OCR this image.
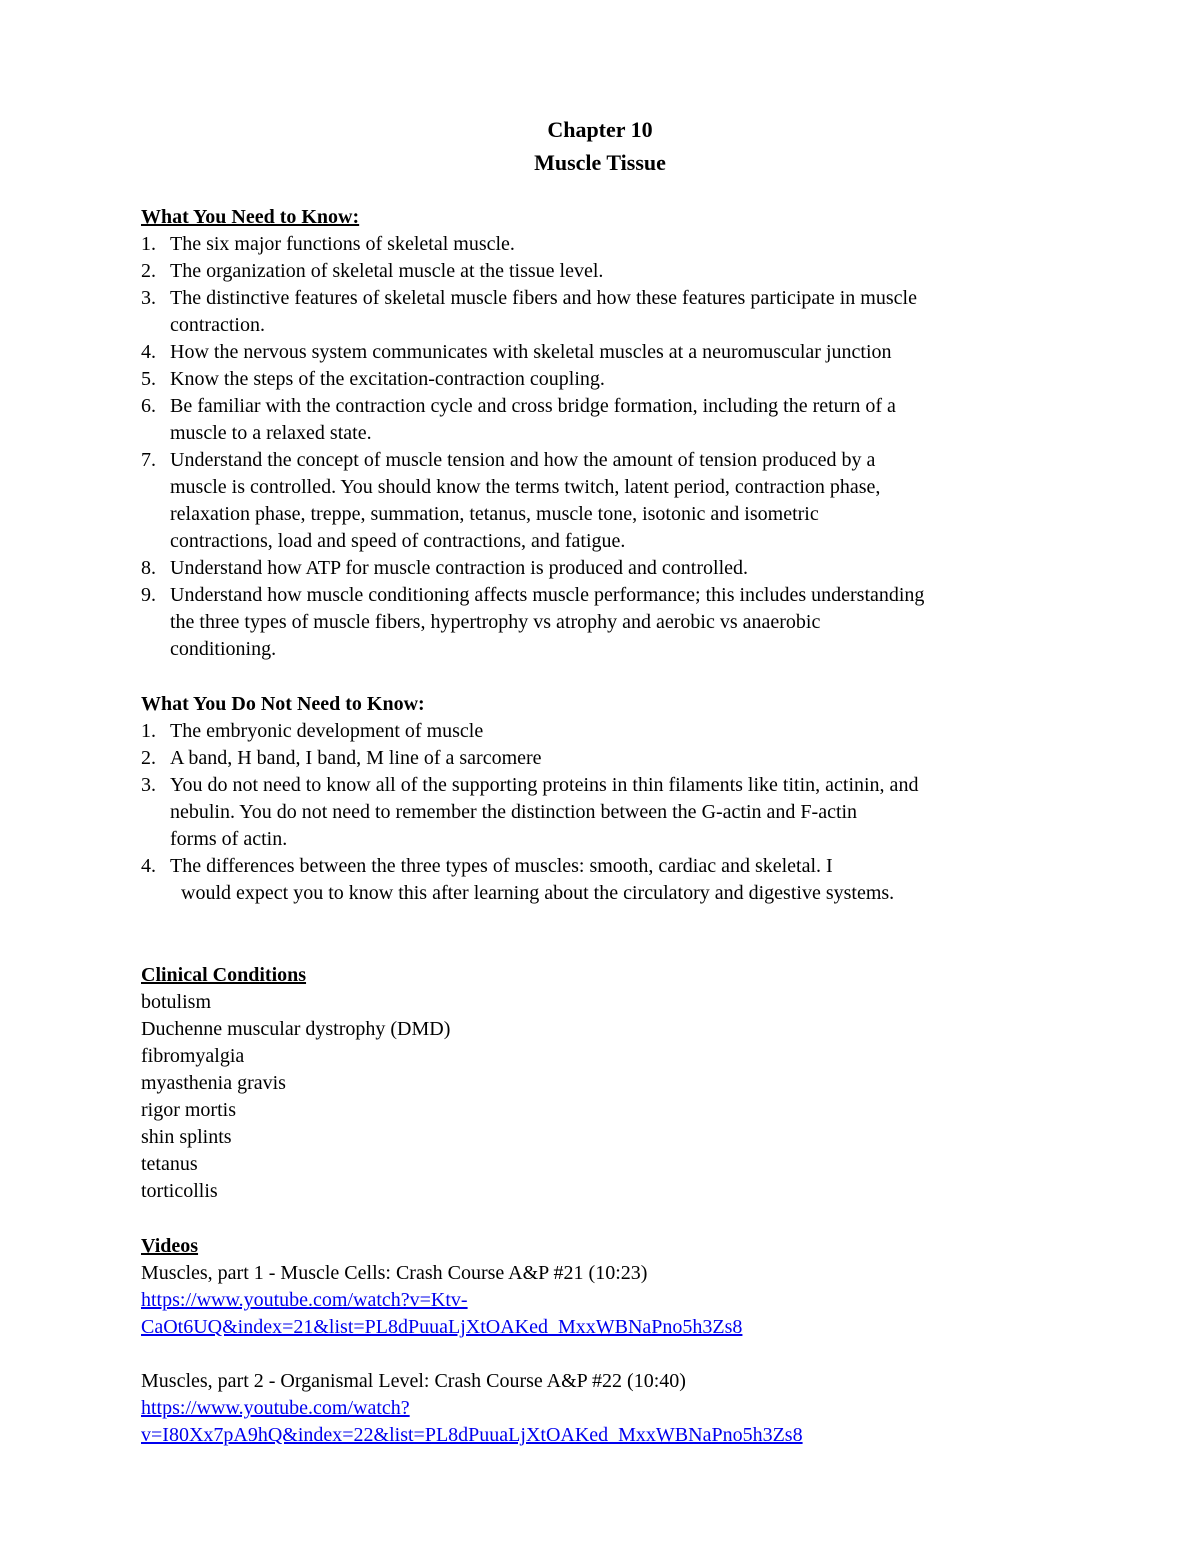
Chapter 10
Muscle Tissue
What You Need to Know:
1. The six major functions of skeletal muscle.
2. The organization of skeletal muscle at the tissue level.
3. The distinctive features of skeletal muscle fibers and how these features participate in muscle
contraction.
4. How the nervous system communicates with skeletal muscles at a neuromuscular junction
5. Know the steps of the excitation-contraction coupling.
6. Be familiar with the contraction cycle and cross bridge formation, including the return of a
muscle to a relaxed state.
7. Understand the concept of muscle tension and how the amount of tension produced by a
muscle is controlled. You should know the terms twitch, latent period, contraction phase,
relaxation phase, treppe, summation, tetanus, muscle tone, isotonic and isometric
contractions, load and speed of contractions, and fatigue.
8. Understand how ATP for muscle contraction is produced and controlled.
9. Understand how muscle conditioning affects muscle performance; this includes understanding
the three types of muscle fibers, hypertrophy vs atrophy and aerobic vs anaerobic
conditioning.
What You Do Not Need to Know:
1. The embryonic development of muscle
2. A band, H band, I band, M line of a sarcomere
3. You do not need to know all of the supporting proteins in thin filaments like titin, actinin, and
nebulin. You do not need to remember the distinction between the G-actin and F-actin
forms of actin.
4. The differences between the three types of muscles: smooth, cardiac and skeletal. I
would expect you to know this after learning about the circulatory and digestive systems.
Clinical Conditions
botulism
Duchenne muscular dystrophy (DMD)
fibromyalgia
myasthenia gravis
rigor mortis
shin splints
tetanus
torticollis
Videos
Muscles, part 1 - Muscle Cells: Crash Course A&P #21 (10:23)
https://www.youtube.com/watch?v=Ktv-
CaOt6UQ&index=21&list=PL8dPuuaLjXtOAKed_MxxWBNaPno5h3Zs8
Muscles, part 2 - Organismal Level: Crash Course A&P #22 (10:40)
https://www.youtube.com/watch?
v=I80Xx7pA9hQ&index=22&list=PL8dPuuaLjXtOAKed_MxxWBNaPno5h3Zs8
